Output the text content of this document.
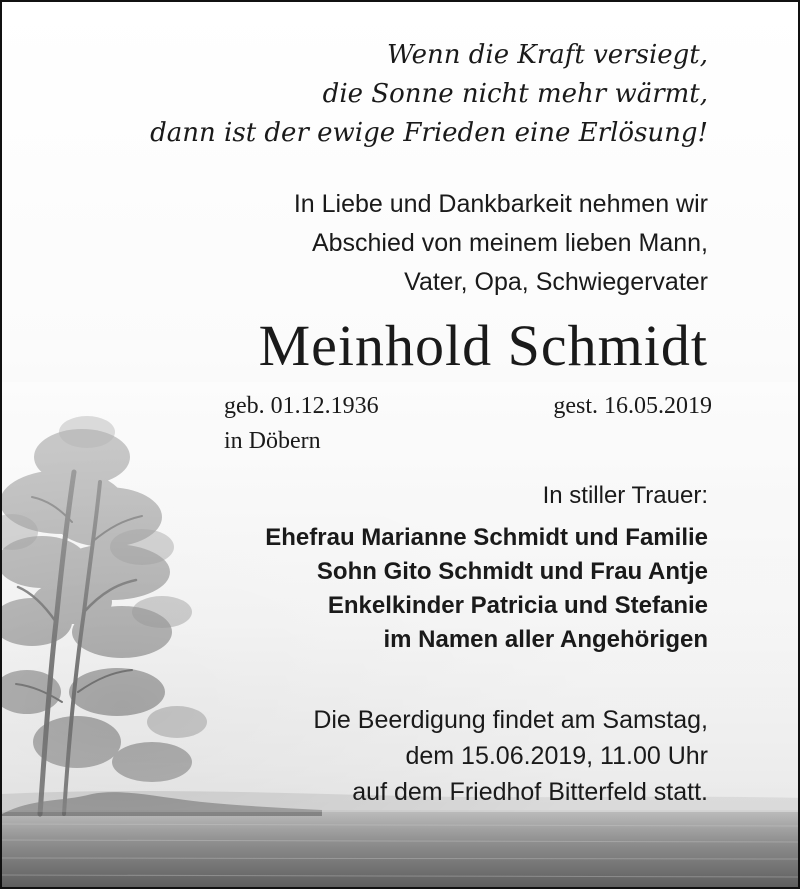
Wenn die Kraft versiegt,
die Sonne nicht mehr wärmt,
dann ist der ewige Frieden eine Erlösung!
In Liebe und Dankbarkeit nehmen wir
Abschied von meinem lieben Mann,
Vater, Opa, Schwiegervater
Meinhold Schmidt
geb. 01.12.1936	gest. 16.05.2019
in Döbern
In stiller Trauer:
Ehefrau Marianne Schmidt und Familie
Sohn Gito Schmidt und Frau Antje
Enkelkinder Patricia und Stefanie
im Namen aller Angehörigen
Die Beerdigung findet am Samstag,
dem 15.06.2019, 11.00 Uhr
auf dem Friedhof Bitterfeld statt.
